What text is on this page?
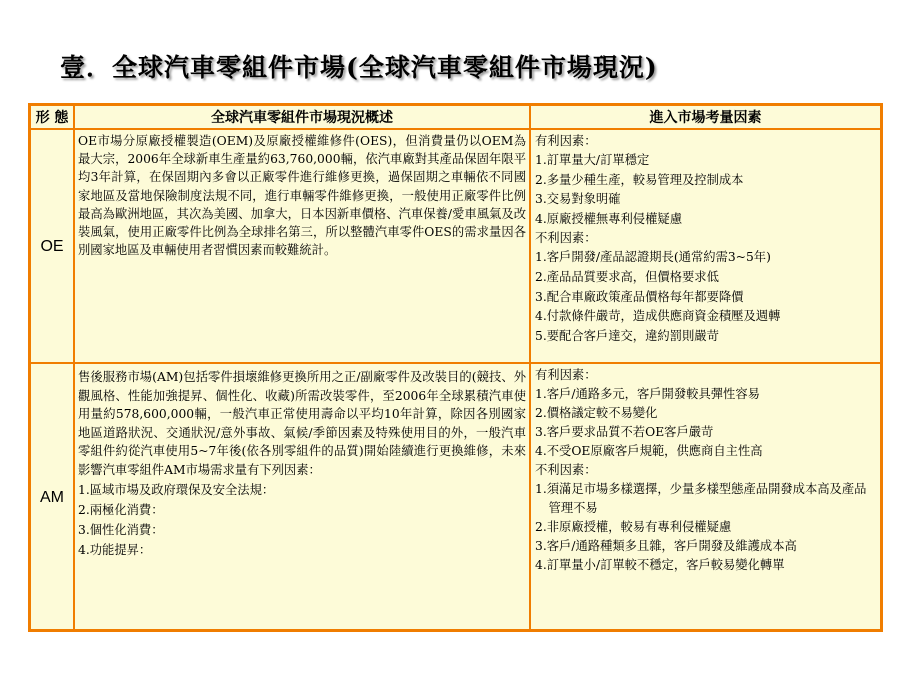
壹．全球汽車零組件市場(全球汽車零組件市場現況)
形 態	全球汽車零組件市場現況概述	進入市場考量因素
OE
OE市場分原廠授權製造(OEM)及原廠授權維修件(OES)，但消費量仍以OEM為最大宗，2006年全球新車生產量約63,760,000輛，依汽車廠對其產品保固年限平均3年計算，在保固期內多會以正廠零件進行維修更換，過保固期之車輛依不同國家地區及當地保險制度法規不同，進行車輛零件維修更換，一般使用正廠零件比例最高為歐洲地區，其次為美國、加拿大，日本因新車價格、汽車保養/愛車風氣及改裝風氣，使用正廠零件比例為全球排名第三，所以整體汽車零件OES的需求量因各別國家地區及車輛使用者習慣因素而較難統計。
有利因素：
1.訂單量大/訂單穩定
2.多量少種生產，較易管理及控制成本
3.交易對象明確
4.原廠授權無專利侵權疑慮
不利因素：
1.客戶開發/產品認證期長(通常約需3~5年)
2.產品品質要求高，但價格要求低
3.配合車廠政策產品價格每年都要降價
4.付款條件嚴苛，造成供應商資金積壓及週轉
5.要配合客戶達交，違約罰則嚴苛
AM
售後服務市場(AM)包括零件損壞維修更換所用之正/副廠零件及改裝目的(競技、外觀風格、性能加強提昇、個性化、收藏)所需改裝零件，至2006年全球累積汽車使用量約578,600,000輛，一般汽車正常使用壽命以平均10年計算，除因各別國家地區道路狀況、交通狀況/意外事故、氣候/季節因素及特殊使用目的外，一般汽車零組件約從汽車使用5~7年後(依各別零組件的品質)開始陸續進行更換維修，未來影響汽車零組件AM市場需求量有下列因素：
1.區域市場及政府環保及安全法規：
2.兩極化消費：
3.個性化消費：
4.功能提昇：
有利因素：
1.客戶/通路多元，客戶開發較具彈性容易
2.價格議定較不易變化
3.客戶要求品質不若OE客戶嚴苛
4.不受OE原廠客戶規範，供應商自主性高
不利因素：
1.須滿足市場多樣選擇，少量多樣型態產品開發成本高及產品管理不易
2.非原廠授權，較易有專利侵權疑慮
3.客戶/通路種類多且雜，客戶開發及維護成本高
4.訂單量小/訂單較不穩定，客戶較易變化轉單
